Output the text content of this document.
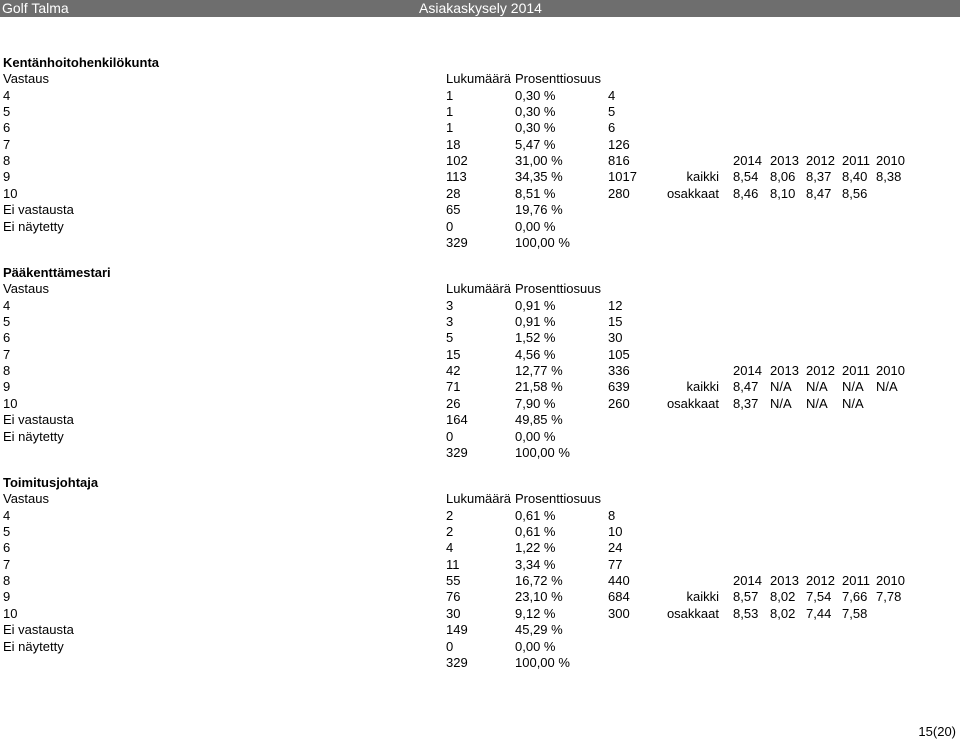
Golf Talma	Asiakaskysely 2014
Kentänhoitohenkilökunta
Vastaus	Lukumäärä Prosenttiosuus
4	1	0,30 %	4
5	1	0,30 %	5
6	1	0,30 %	6
7	18	5,47 %	126
8	102	31,00 %	816	2014 2013 2012 2011 2010
9	113	34,35 %	1017	kaikki 8,54 8,06 8,37 8,40 8,38
10	28	8,51 %	280	osakkaat 8,46 8,10 8,47 8,56
Ei vastausta	65	19,76 %
Ei näytetty	0	0,00 %
329	100,00 %
Pääkenttämestari
Vastaus	Lukumäärä Prosenttiosuus
4	3	0,91 %	12
5	3	0,91 %	15
6	5	1,52 %	30
7	15	4,56 %	105
8	42	12,77 %	336	2014 2013 2012 2011 2010
9	71	21,58 %	639	kaikki 8,47 N/A N/A N/A N/A
10	26	7,90 %	260	osakkaat 8,37 N/A N/A N/A
Ei vastausta	164	49,85 %
Ei näytetty	0	0,00 %
329	100,00 %
Toimitusjohtaja
Vastaus	Lukumäärä Prosenttiosuus
4	2	0,61 %	8
5	2	0,61 %	10
6	4	1,22 %	24
7	11	3,34 %	77
8	55	16,72 %	440	2014 2013 2012 2011 2010
9	76	23,10 %	684	kaikki 8,57 8,02 7,54 7,66 7,78
10	30	9,12 %	300	osakkaat 8,53 8,02 7,44 7,58
Ei vastausta	149	45,29 %
Ei näytetty	0	0,00 %
329	100,00 %
15(20)
